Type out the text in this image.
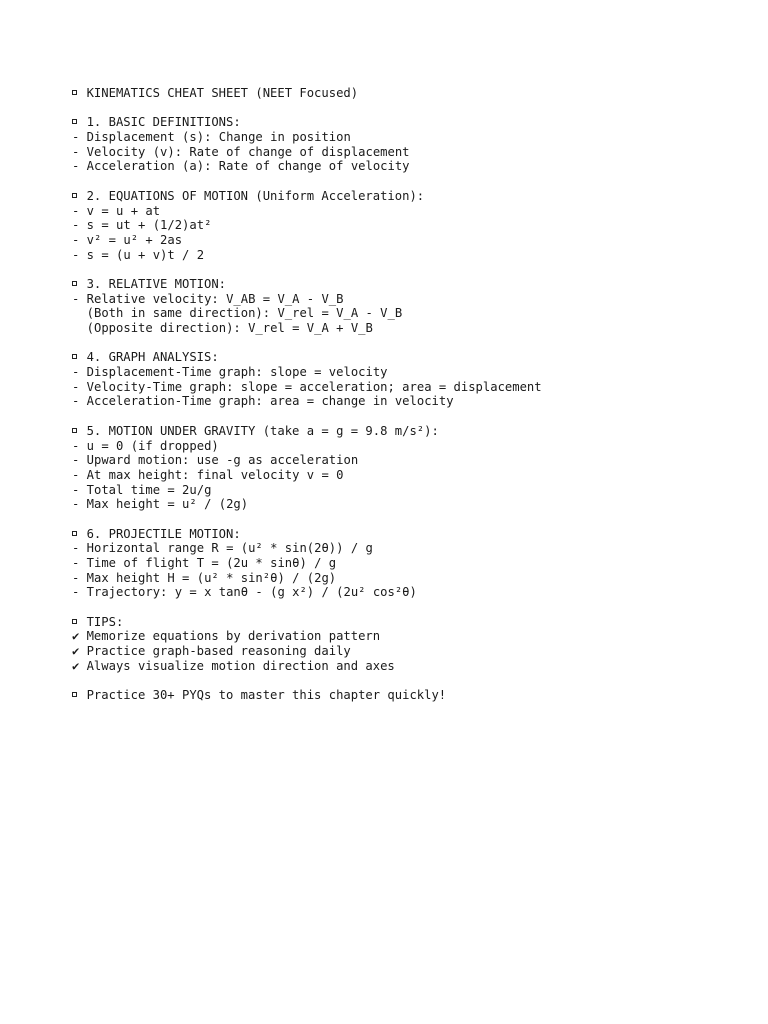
KINEMATICS CHEAT SHEET (NEET Focused)
1. BASIC DEFINITIONS:
- Displacement (s): Change in position
- Velocity (v): Rate of change of displacement
- Acceleration (a): Rate of change of velocity
2. EQUATIONS OF MOTION (Uniform Acceleration):
- v = u + at
- s = ut + (1/2)at²
- v² = u² + 2as
- s = (u + v)t / 2
3. RELATIVE MOTION:
- Relative velocity: V_AB = V_A - V_B
(Both in same direction): V_rel = V_A - V_B
(Opposite direction): V_rel = V_A + V_B
4. GRAPH ANALYSIS:
- Displacement-Time graph: slope = velocity
- Velocity-Time graph: slope = acceleration; area = displacement
- Acceleration-Time graph: area = change in velocity
5. MOTION UNDER GRAVITY (take a = g = 9.8 m/s²):
- u = 0 (if dropped)
- Upward motion: use -g as acceleration
- At max height: final velocity v = 0
- Total time = 2u/g
- Max height = u² / (2g)
6. PROJECTILE MOTION:
- Horizontal range R = (u² * sin(2θ)) / g
- Time of flight T = (2u * sinθ) / g
- Max height H = (u² * sin²θ) / (2g)
- Trajectory: y = x tanθ - (g x²) / (2u² cos²θ)
TIPS:
✔ Memorize equations by derivation pattern
✔ Practice graph-based reasoning daily
✔ Always visualize motion direction and axes
Practice 30+ PYQs to master this chapter quickly!
